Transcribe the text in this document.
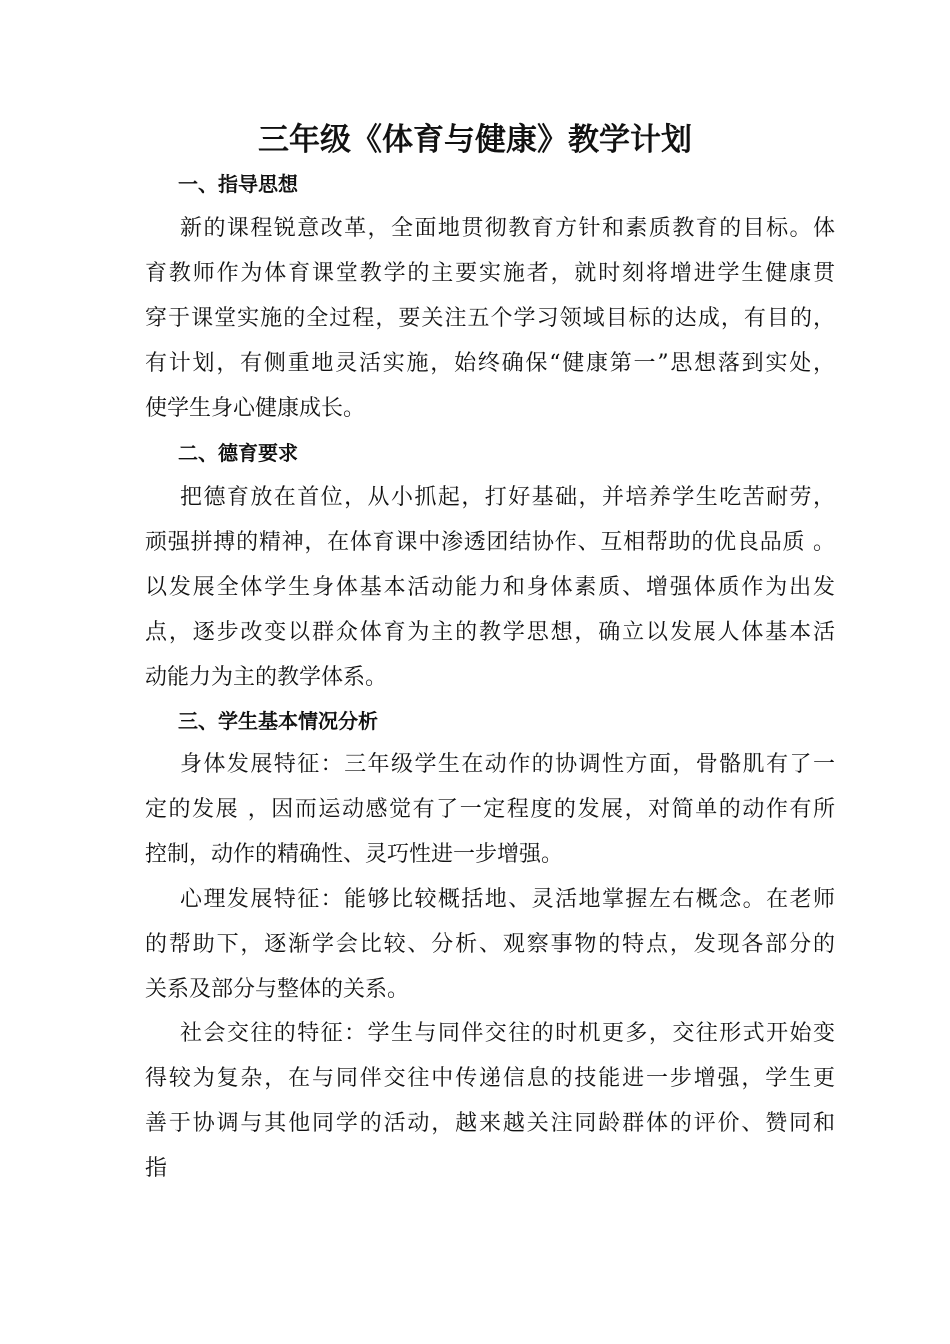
三年级《体育与健康》教学计划
一、指导思想
新的课程锐意改革，全面地贯彻教育方针和素质教育的目标。体
育教师作为体育课堂教学的主要实施者，就时刻将增进学生健康贯
穿于课堂实施的全过程，要关注五个学习领域目标的达成，有目的，
有计划，有侧重地灵活实施，始终确保“健康第一”思想落到实处，
使学生身心健康成长。
二、德育要求
把德育放在首位，从小抓起，打好基础，并培养学生吃苦耐劳，
顽强拼搏的精神，在体育课中渗透团结协作、互相帮助的优良品质 。
以发展全体学生身体基本活动能力和身体素质、增强体质作为出发
点，逐步改变以群众体育为主的教学思想，确立以发展人体基本活
动能力为主的教学体系。
三、学生基本情况分析
身体发展特征：三年级学生在动作的协调性方面，骨骼肌有了一
定的发展 ，因而运动感觉有了一定程度的发展，对简单的动作有所
控制，动作的精确性、灵巧性进一步增强。
心理发展特征：能够比较概括地、灵活地掌握左右概念。在老师
的帮助下，逐渐学会比较、分析、观察事物的特点，发现各部分的
关系及部分与整体的关系。
社会交往的特征：学生与同伴交往的时机更多，交往形式开始变
得较为复杂，在与同伴交往中传递信息的技能进一步增强，学生更
善于协调与其他同学的活动，越来越关注同龄群体的评价、赞同和
指
